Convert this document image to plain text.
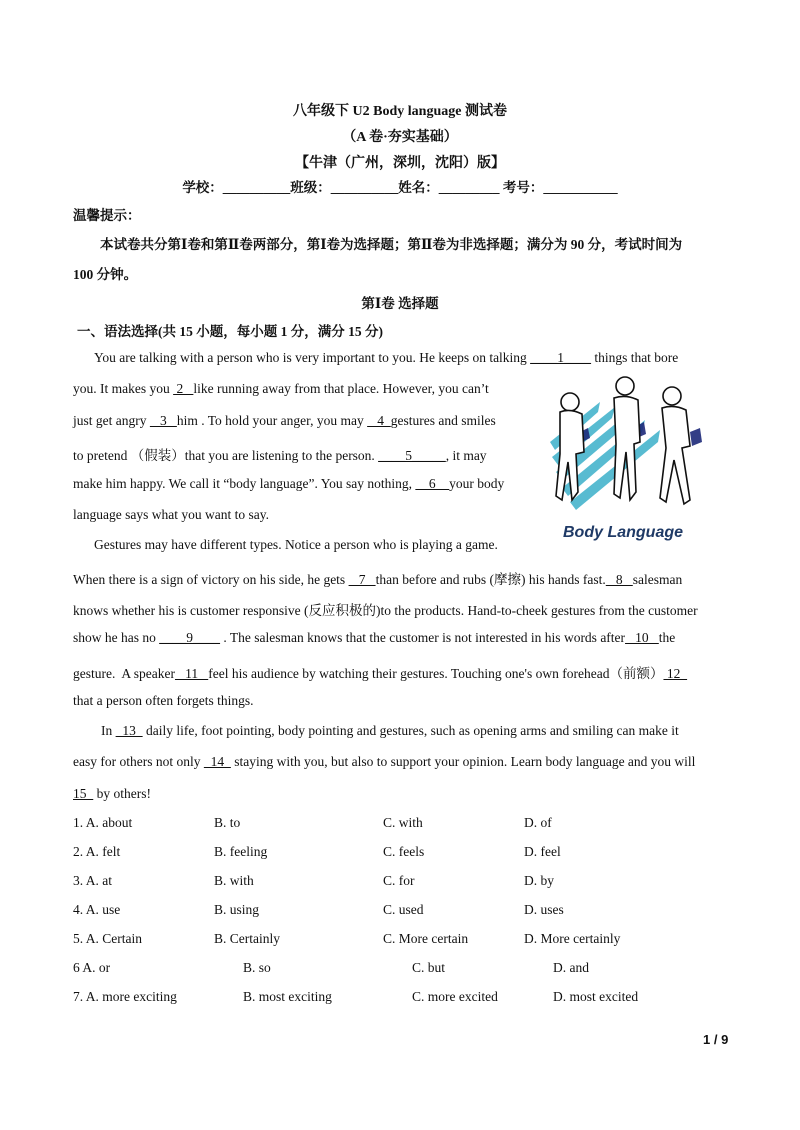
八年级下 U2 Body language 测试卷
（A 卷·夯实基础）
【牛津（广州，深圳，沈阳）版】
学校：__________班级：__________姓名：_________ 考号：___________
温馨提示：
本试卷共分第Ⅰ卷和第Ⅱ卷两部分，第Ⅰ卷为选择题；第Ⅱ卷为非选择题；满分为 90 分，考试时间为
100 分钟。
第Ⅰ卷 选择题
一、语法选择(共 15 小题，每小题 1 分，满分 15 分)
You are talking with a person who is very important to you. He keeps on talking ____1____ things that bore
you. It makes you  2   like running away from that place. However, you can’t
just get angry    3   him . To hold your anger, you may    4  gestures and smiles
to pretend （假装）that you are listening to the person. ____5_____, it may
make him happy. We call it “body language”. You say nothing,     6    your body
language says what you want to say.
Gestures may have different types. Notice a person who is playing a game.
When there is a sign of victory on his side, he gets    7   than before and rubs (摩擦) his hands fast.   8   salesman
knows whether his is customer responsive (反应积极的)to the products. Hand-to-cheek gestures from the customer
show he has no ____9____ . The salesman knows that the customer is not interested in his words after   10   the
gesture.  A speaker   11   feel his audience by watching their gestures. Touching one's own forehead（前额） 12
that a person often forgets things.
In   13   daily life, foot pointing, body pointing and gestures, such as opening arms and smiling can make it
easy for others not only   14   staying with you, but also to support your opinion. Learn body language and you will
15   by others!
Body Language
1. A. about	B. to	C. with	D. of
2. A. felt	B. feeling	C. feels	D. feel
3. A. at	B. with	C. for	D. by
4. A. use	B. using	C. used	D. uses
5. A. Certain	B. Certainly	C. More certain	D. More certainly
6 A. or	B. so	C. but	D. and
7. A. more exciting	B. most exciting	C. more excited	D. most excited
1 / 9
